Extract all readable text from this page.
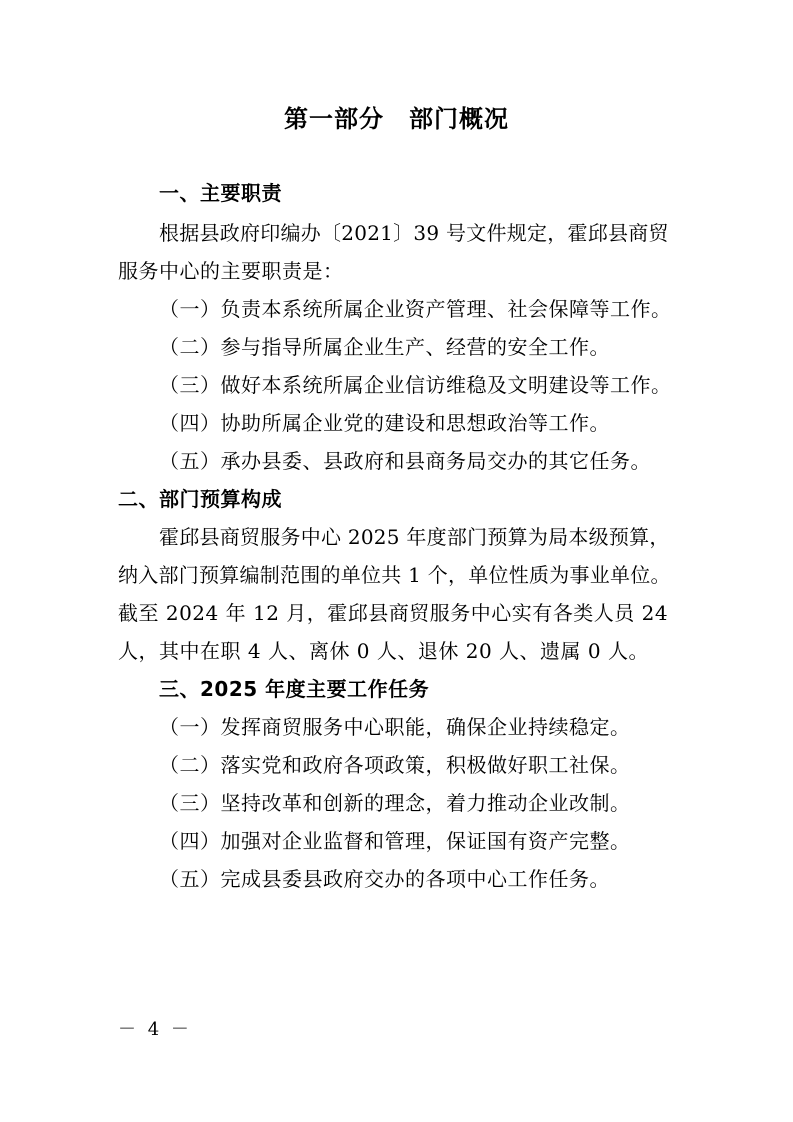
第一部分　部门概况

一、主要职责

根据县政府印编办〔2021〕39 号文件规定，霍邱县商贸

服务中心的主要职责是：

（一）负责本系统所属企业资产管理、社会保障等工作。

（二）参与指导所属企业生产、经营的安全工作。

（三）做好本系统所属企业信访维稳及文明建设等工作。

（四）协助所属企业党的建设和思想政治等工作。

（五）承办县委、县政府和县商务局交办的其它任务。

二、部门预算构成

霍邱县商贸服务中心 2025 年度部门预算为局本级预算，

纳入部门预算编制范围的单位共 1 个，单位性质为事业单位。

截至 2024 年 12 月，霍邱县商贸服务中心实有各类人员 24

人，其中在职 4 人、离休 0 人、退休 20 人、遗属 0 人。

三、2025 年度主要工作任务

（一）发挥商贸服务中心职能，确保企业持续稳定。

（二）落实党和政府各项政策，积极做好职工社保。

（三）坚持改革和创新的理念，着力推动企业改制。

（四）加强对企业监督和管理，保证国有资产完整。

（五）完成县委县政府交办的各项中心工作任务。

－ 4 －
